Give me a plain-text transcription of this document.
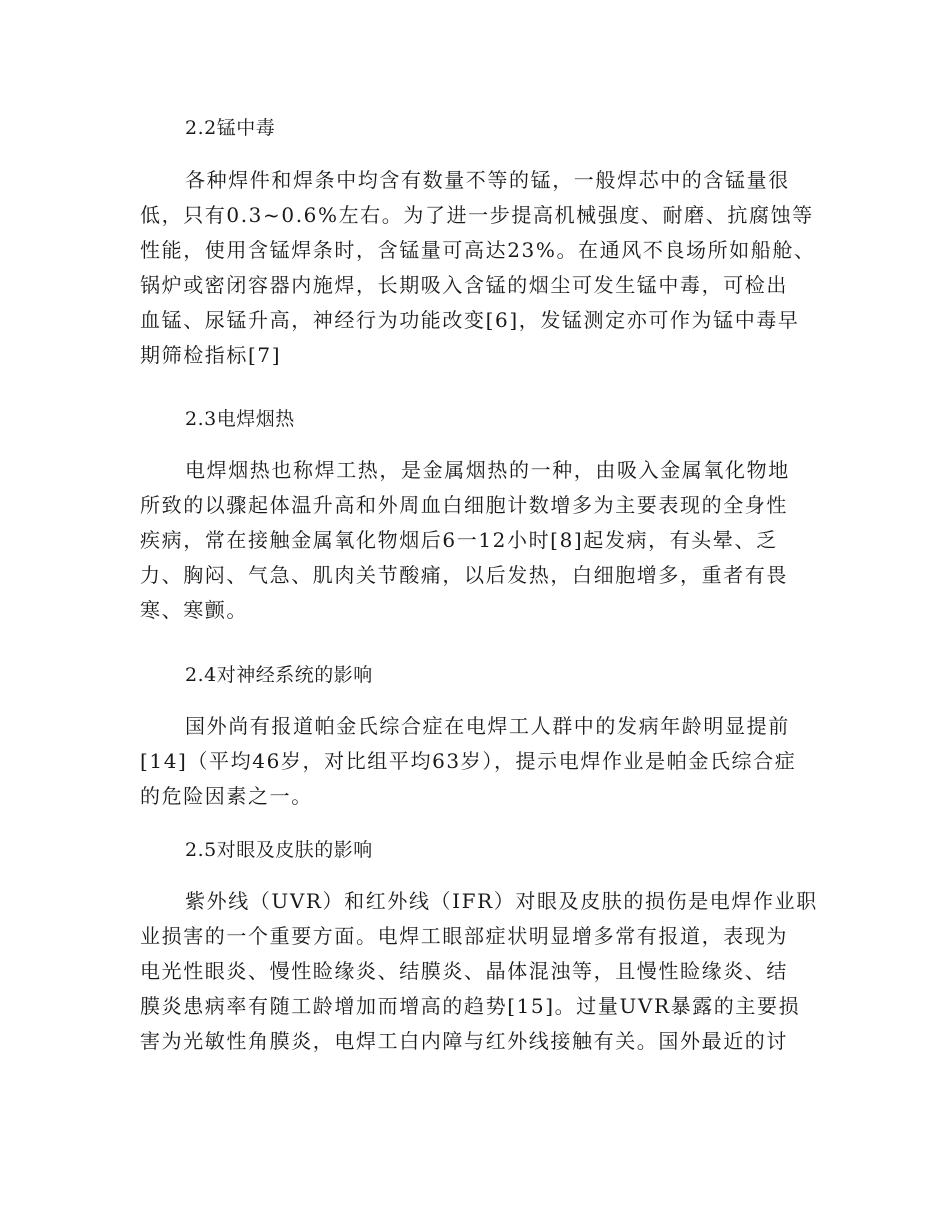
2.2锰中毒

各种焊件和焊条中均含有数量不等的锰，一般焊芯中的含锰量很

低，只有0.3~0.6%左右。为了进一步提高机械强度、耐磨、抗腐蚀等

性能，使用含锰焊条时，含锰量可高达23%。在通风不良场所如船舱、

锅炉或密闭容器内施焊，长期吸入含锰的烟尘可发生锰中毒，可检出

血锰、尿锰升高，神经行为功能改变[6]，发锰测定亦可作为锰中毒早

期筛检指标[7]

2.3电焊烟热

电焊烟热也称焊工热，是金属烟热的一种，由吸入金属氧化物地

所致的以骤起体温升高和外周血白细胞计数增多为主要表现的全身性

疾病，常在接触金属氧化物烟后6一12小时[8]起发病，有头晕、乏

力、胸闷、气急、肌肉关节酸痛，以后发热，白细胞增多，重者有畏

寒、寒颤。

2.4对神经系统的影响

国外尚有报道帕金氏综合症在电焊工人群中的发病年龄明显提前

[14]（平均46岁，对比组平均63岁），提示电焊作业是帕金氏综合症

的危险因素之一。

2.5对眼及皮肤的影响

紫外线（UVR）和红外线（IFR）对眼及皮肤的损伤是电焊作业职

业损害的一个重要方面。电焊工眼部症状明显增多常有报道，表现为

电光性眼炎、慢性睑缘炎、结膜炎、晶体混浊等，且慢性睑缘炎、结

膜炎患病率有随工龄增加而增高的趋势[15]。过量UVR暴露的主要损

害为光敏性角膜炎，电焊工白内障与红外线接触有关。国外最近的讨
